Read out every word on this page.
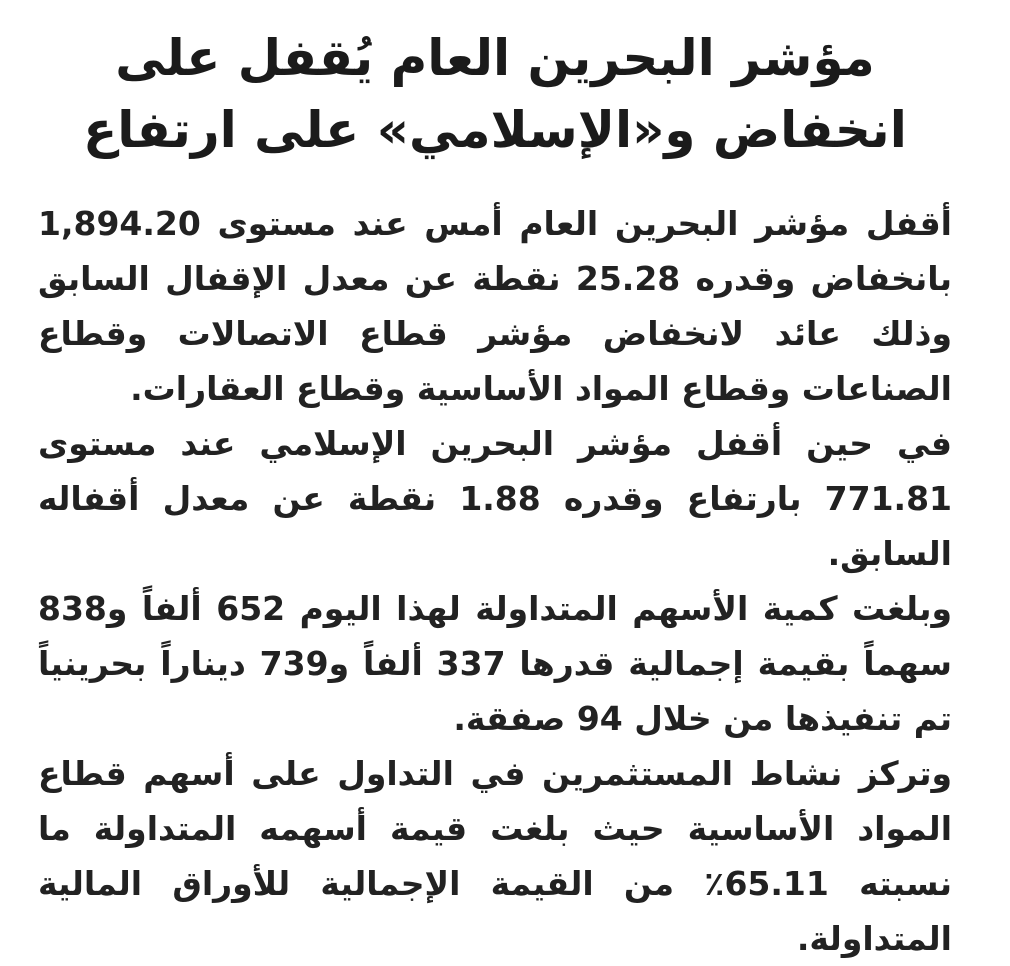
مؤشر البحرين العام يُقفل على
انخفاض و«الإسلامي» على ارتفاع

أقفل مؤشر البحرين العام أمس عند مستوى 1,894.20 بانخفاض وقدره 25.28 نقطة عن معدل الإقفال السابق وذلك عائد لانخفاض مؤشر قطاع الاتصالات وقطاع الصناعات وقطاع المواد الأساسية وقطاع العقارات.

في حين أقفل مؤشر البحرين الإسلامي عند مستوى 771.81 بارتفاع وقدره 1.88 نقطة عن معدل أقفاله السابق.

وبلغت كمية الأسهم المتداولة لهذا اليوم 652 ألفاً و838 سهماً بقيمة إجمالية قدرها 337 ألفاً و739 ديناراً بحرينياً تم تنفيذها من خلال 94 صفقة.

وتركز نشاط المستثمرين في التداول على أسهم قطاع المواد الأساسية حيث بلغت قيمة أسهمه المتداولة ما نسبته 65.11٪ من القيمة الإجمالية للأوراق المالية المتداولة.
